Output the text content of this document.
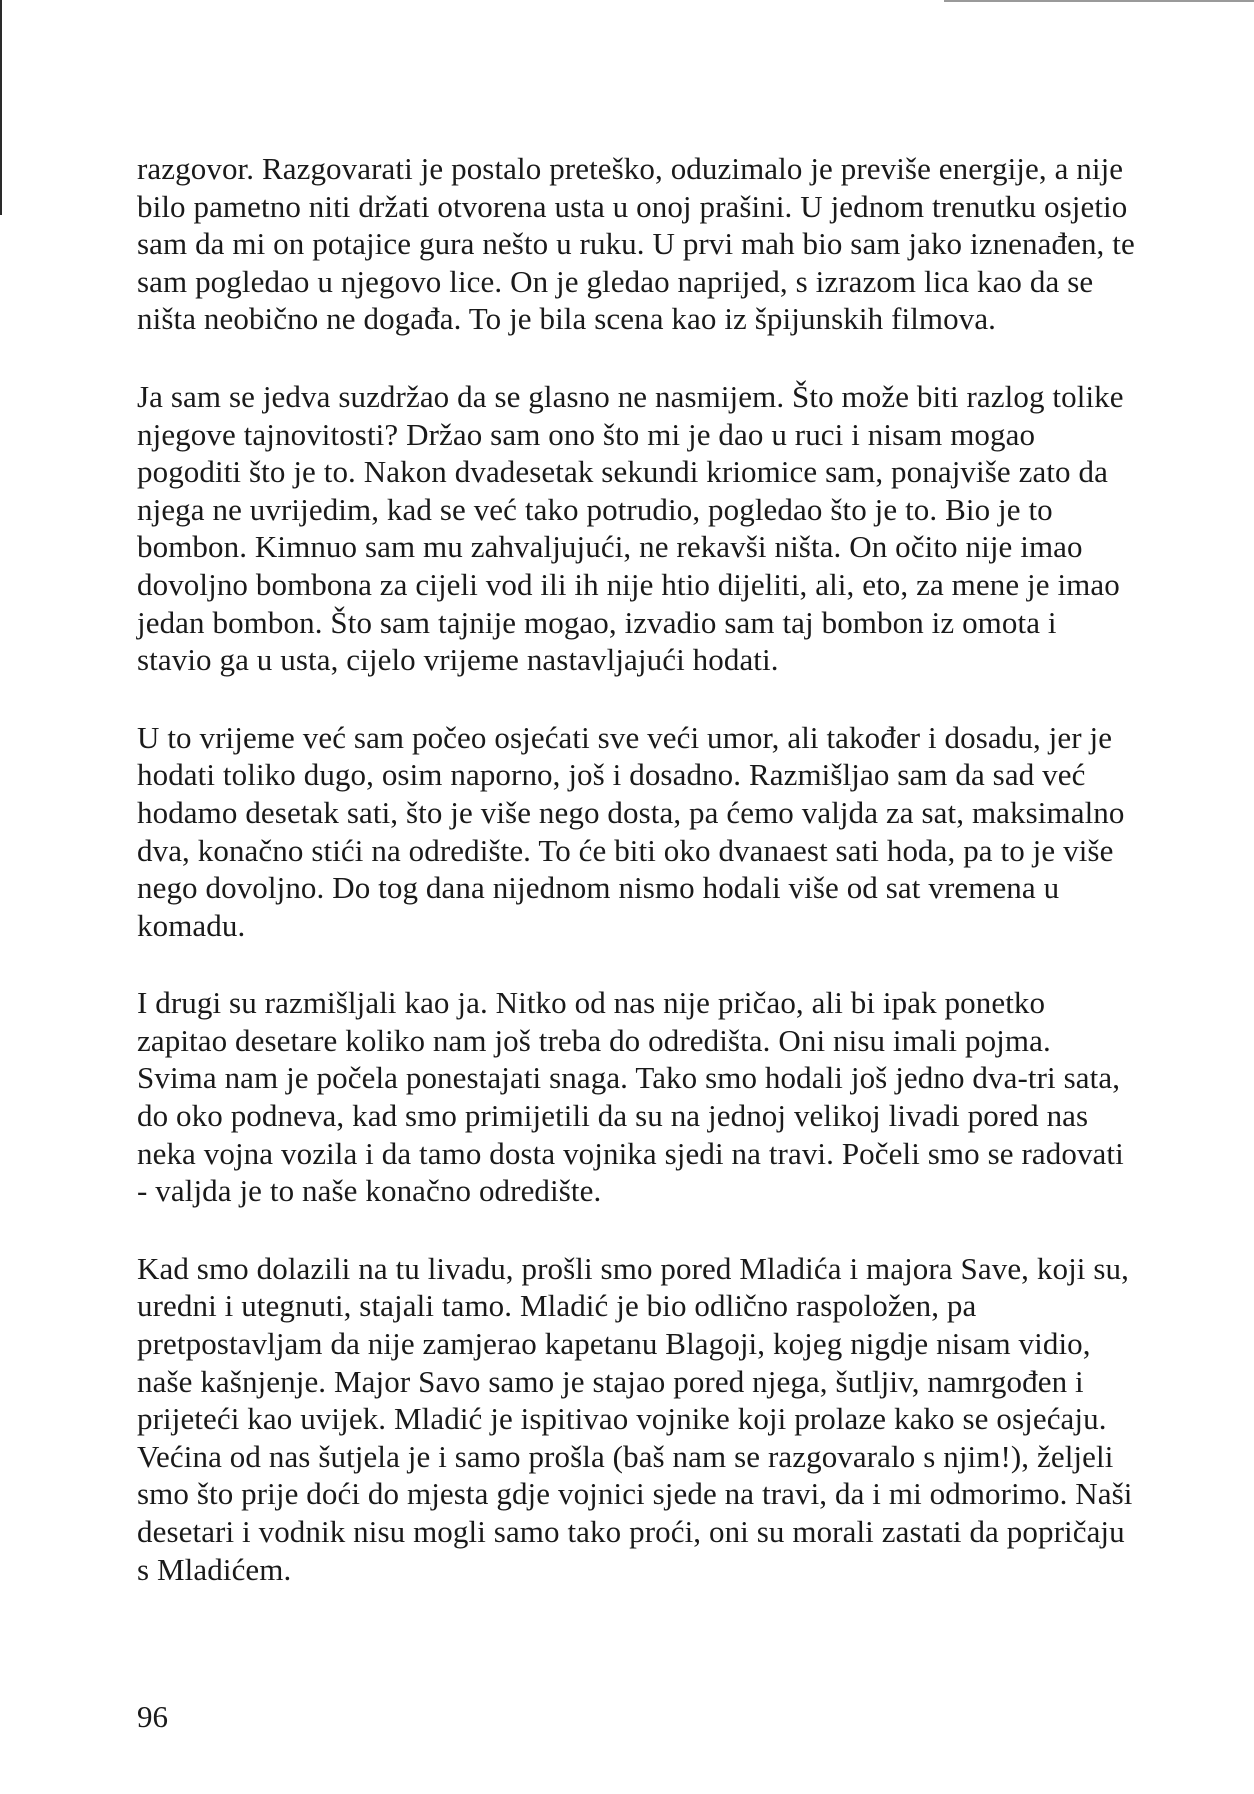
razgovor. Razgovarati je postalo preteško, oduzimalo je previše energije, a nije bilo pametno niti držati otvorena usta u onoj prašini. U jednom trenutku osjetio sam da mi on potajice gura nešto u ruku. U prvi mah bio sam jako iznenađen, te sam pogledao u njegovo lice. On je gledao naprijed, s izrazom lica kao da se ništa neobično ne događa. To je bila scena kao iz špijunskih filmova.

Ja sam se jedva suzdržao da se glasno ne nasmijem. Što može biti razlog tolike njegove tajnovitosti? Držao sam ono što mi je dao u ruci i nisam mogao pogoditi što je to. Nakon dvadesetak sekundi kriomice sam, ponajviše zato da njega ne uvrijedim, kad se već tako potrudio, pogledao što je to. Bio je to bombon. Kimnuo sam mu zahvaljujući, ne rekavši ništa. On očito nije imao dovoljno bombona za cijeli vod ili ih nije htio dijeliti, ali, eto, za mene je imao jedan bombon. Što sam tajnije mogao, izvadio sam taj bombon iz omota i stavio ga u usta, cijelo vrijeme nastavljajući hodati.

U to vrijeme već sam počeo osjećati sve veći umor, ali također i dosadu, jer je hodati toliko dugo, osim naporno, još i dosadno. Razmišljao sam da sad već hodamo desetak sati, što je više nego dosta, pa ćemo valjda za sat, maksimalno dva, konačno stići na odredište. To će biti oko dvanaest sati hoda, pa to je više nego dovoljno. Do tog dana nijednom nismo hodali više od sat vremena u komadu.

I drugi su razmišljali kao ja. Nitko od nas nije pričao, ali bi ipak ponetko zapitao desetare koliko nam još treba do odredišta. Oni nisu imali pojma. Svima nam je počela ponestajati snaga. Tako smo hodali još jedno dva-tri sata, do oko podneva, kad smo primijetili da su na jednoj velikoj livadi pored nas neka vojna vozila i da tamo dosta vojnika sjedi na travi. Počeli smo se radovati - valjda je to naše konačno odredište.

Kad smo dolazili na tu livadu, prošli smo pored Mladića i majora Save, koji su, uredni i utegnuti, stajali tamo. Mladić je bio odlično raspoložen, pa pretpostavljam da nije zamjerao kapetanu Blagoji, kojeg nigdje nisam vidio, naše kašnjenje. Major Savo samo je stajao pored njega, šutljiv, namrgođen i prijeteći kao uvijek. Mladić je ispitivao vojnike koji prolaze kako se osjećaju. Većina od nas šutjela je i samo prošla (baš nam se razgovaralo s njim!), željeli smo što prije doći do mjesta gdje vojnici sjede na travi, da i mi odmorimo. Naši desetari i vodnik nisu mogli samo tako proći, oni su morali zastati da popričaju s Mladićem.

96
